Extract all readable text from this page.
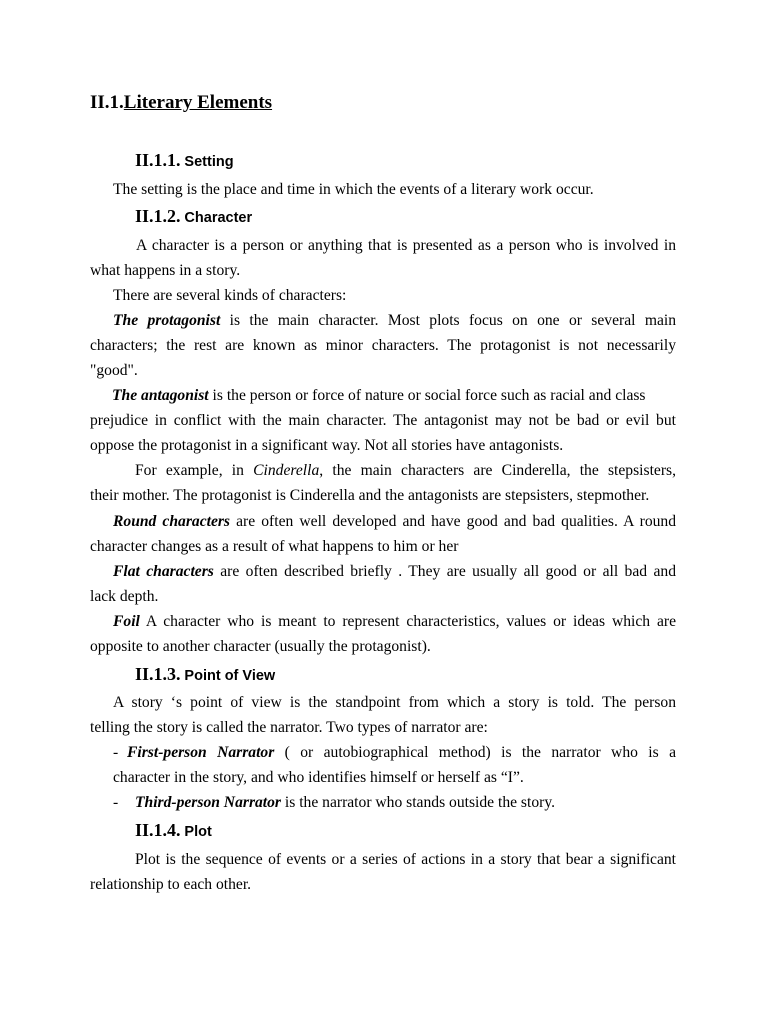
II.1.Literary Elements
II.1.1. Setting

The setting is the place and time in which the events of a literary work occur.

II.1.2. Character

A character is a person or anything that is presented as a person who is involved in
what happens in a story.

There are several kinds of characters:

The protagonist is the main character. Most plots focus on one or several main
characters; the rest are known as minor characters. The protagonist is not necessarily
"good".

The antagonist is the person or force of nature or social force such as racial and class
prejudice in conflict with the main character. The antagonist may not be bad or evil but
oppose the protagonist in a significant way. Not all stories have antagonists.

For example, in Cinderella, the main characters are Cinderella, the stepsisters,
their mother. The protagonist is Cinderella and the antagonists are stepsisters, stepmother.

Round characters are often well developed and have good and bad qualities. A round
character changes as a result of what happens to him or her

Flat characters are often described briefly . They are usually all good or all bad and
lack depth.

Foil A character who is meant to represent characteristics, values or ideas which are
opposite to another character (usually the protagonist).

II.1.3. Point of View

A story ‘s point of view is the standpoint from which a story is told. The person
telling the story is called the narrator. Two types of narrator are:

- First-person Narrator ( or autobiographical method) is the narrator who is a
character in the story, and who identifies himself or herself as “I”.
-	Third-person Narrator is the narrator who stands outside the story.
II.1.4. Plot

Plot is the sequence of events or a series of actions in a story that bear a significant
relationship to each other.
